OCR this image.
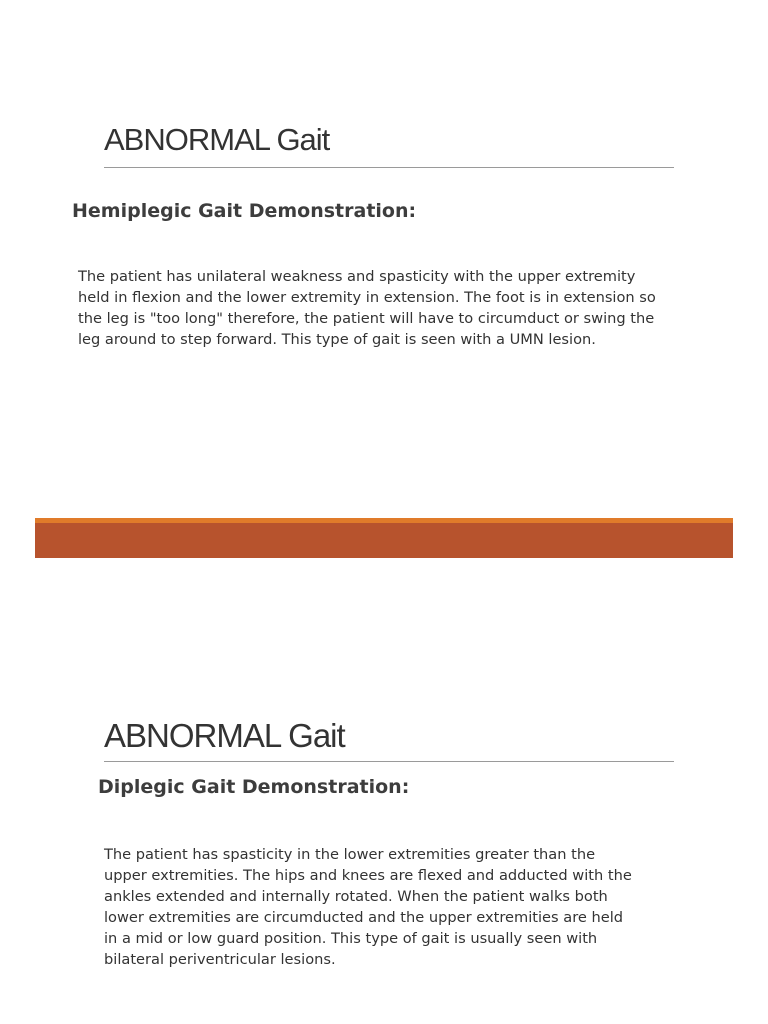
ABNORMAL Gait
Hemiplegic Gait Demonstration:
The patient has unilateral weakness and spasticity with the upper extremity
held in flexion and the lower extremity in extension. The foot is in extension so
the leg is "too long" therefore, the patient will have to circumduct or swing the
leg around to step forward. This type of gait is seen with a UMN lesion.
ABNORMAL Gait
Diplegic Gait Demonstration:
The patient has spasticity in the lower extremities greater than the
upper extremities. The hips and knees are flexed and adducted with the
ankles extended and internally rotated. When the patient walks both
lower extremities are circumducted and the upper extremities are held
in a mid or low guard position. This type of gait is usually seen with
bilateral periventricular lesions.
